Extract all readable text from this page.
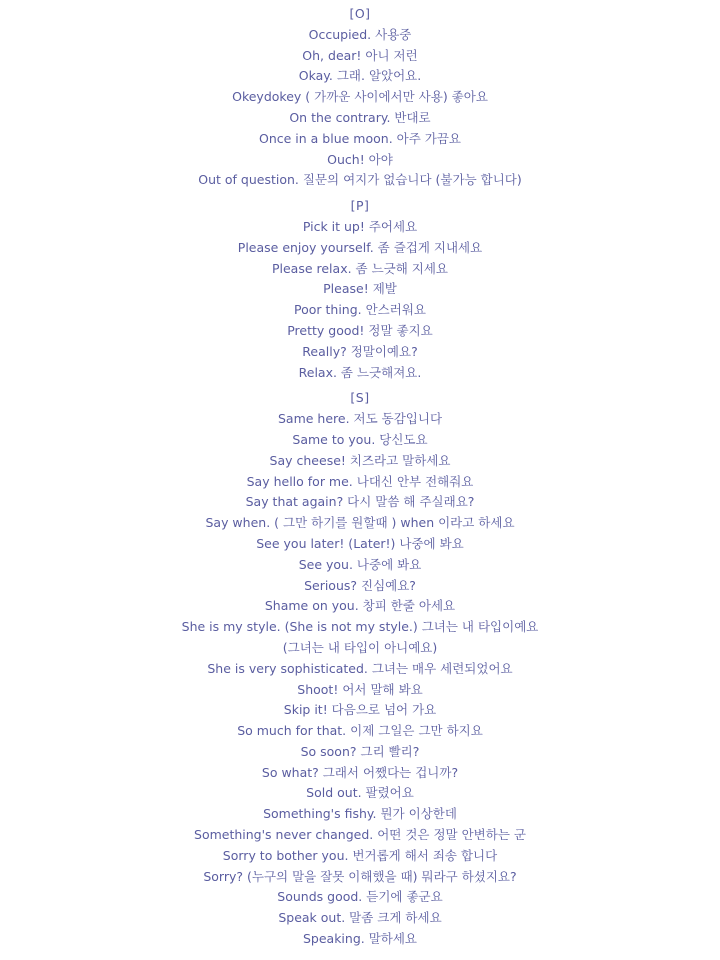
[O]
Occupied. 사용중
Oh, dear! 아니 저런
Okay. 그래. 알았어요.
Okeydokey ( 가까운 사이에서만 사용) 좋아요
On the contrary. 반대로
Once in a blue moon. 아주 가끔요
Ouch! 아야
Out of question. 질문의 여지가 없습니다 (불가능 합니다)
[P]
Pick it up! 주어세요
Please enjoy yourself. 좀 즐겁게 지내세요
Please relax. 좀 느긋해 지세요
Please! 제발
Poor thing. 안스러워요
Pretty good! 정말 좋지요
Really? 정말이예요?
Relax. 좀 느긋해져요.
[S]
Same here. 저도 동감입니다
Same to you. 당신도요
Say cheese! 치즈라고 말하세요
Say hello for me. 나대신 안부 전해줘요
Say that again? 다시 말씀 해 주실래요?
Say when. ( 그만 하기를 원할때 ) when 이라고 하세요
See you later! (Later!) 나중에 봐요
See you. 나중에 봐요
Serious? 진심예요?
Shame on you. 창피 한줄 아세요
She is my style. (She is not my style.) 그녀는 내 타입이예요
(그녀는 내 타입이 아니예요)
She is very sophisticated. 그녀는 매우 세련되었어요
Shoot! 어서 말해 봐요
Skip it! 다음으로 넘어 가요
So much for that. 이제 그일은 그만 하지요
So soon? 그리 빨리?
So what? 그래서 어쨌다는 겁니까?
Sold out. 팔렸어요
Something's fishy. 뭔가 이상한데
Something's never changed. 어떤 것은 정말 안변하는 군
Sorry to bother you. 번거롭게 해서 죄송 합니다
Sorry? (누구의 말을 잘못 이해했을 때) 뭐라구 하셨지요?
Sounds good. 듣기에 좋군요
Speak out. 말좀 크게 하세요
Speaking. 말하세요
